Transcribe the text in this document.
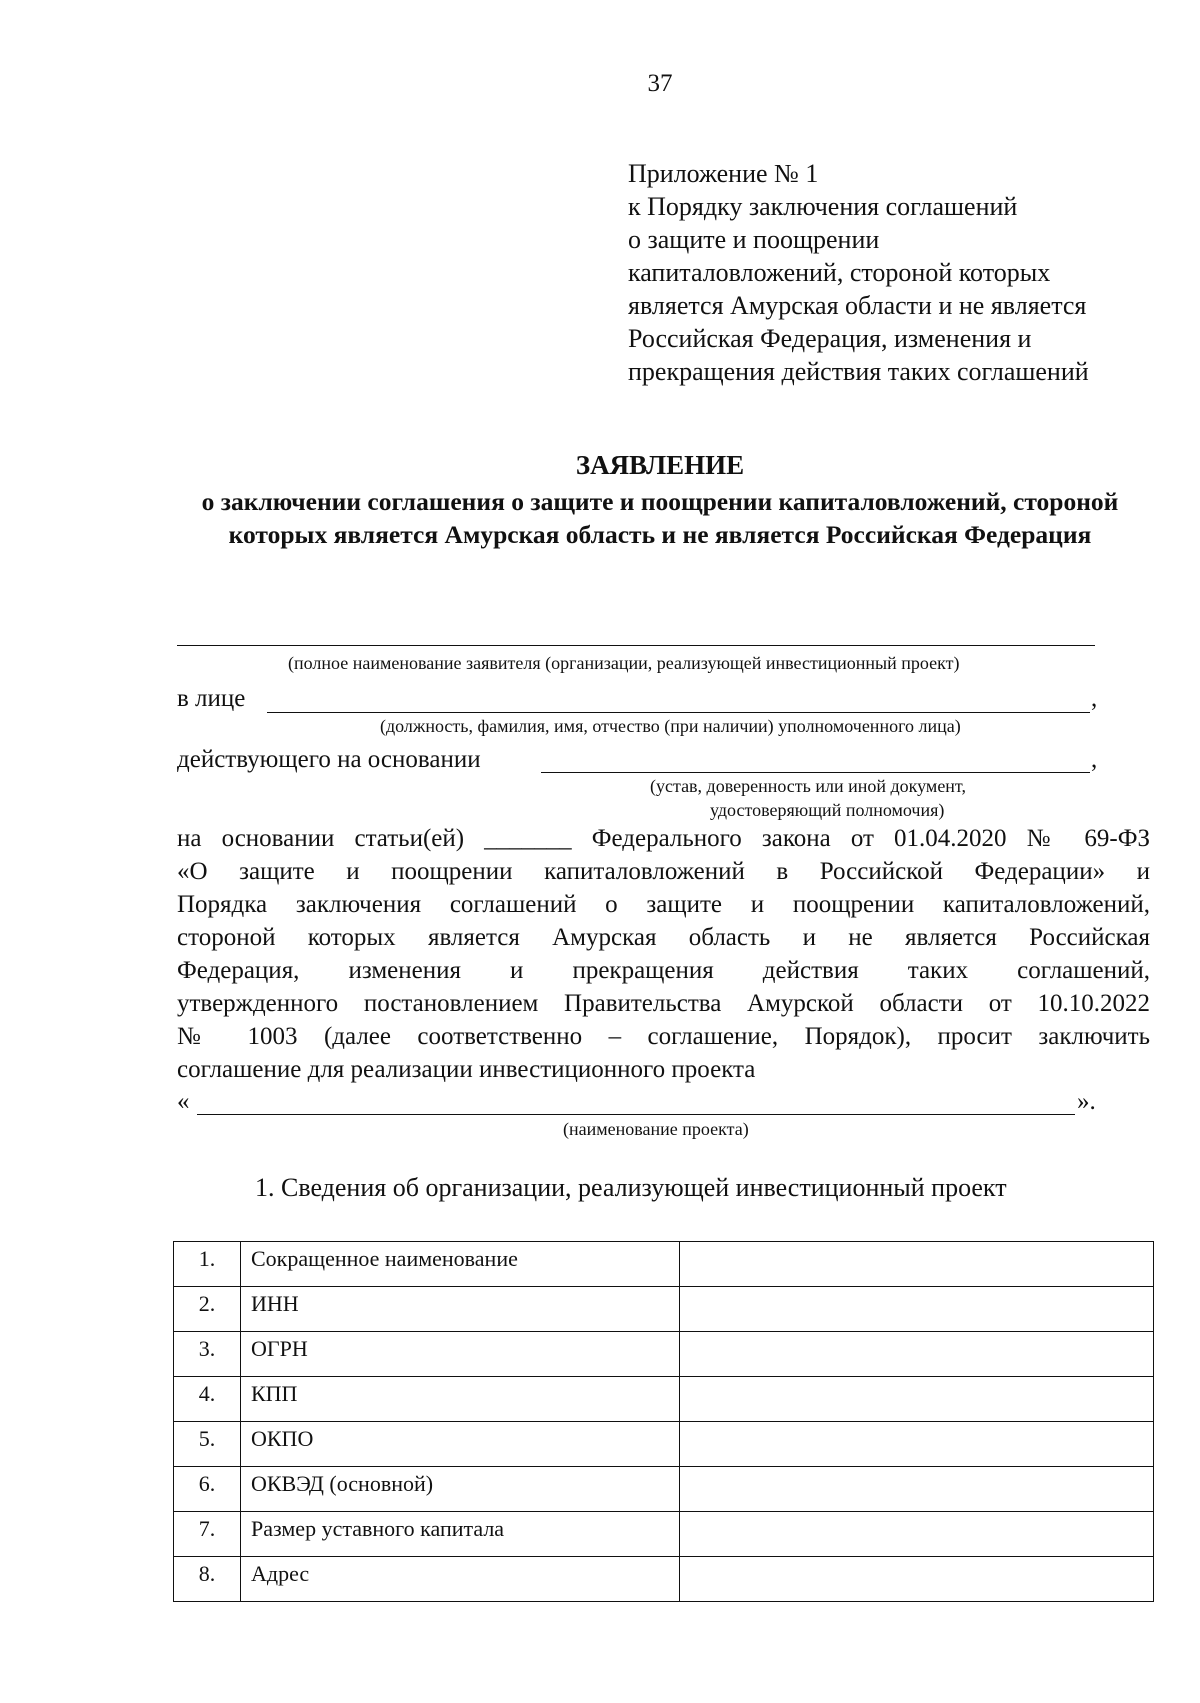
37
Приложение № 1
к Порядку заключения соглашений
о защите и поощрении
капиталовложений, стороной которых
является Амурская области и не является
Российская Федерация, изменения и
прекращения действия таких соглашений
ЗАЯВЛЕНИЕ
о заключении соглашения о защите и поощрении капиталовложений, стороной которых является Амурская область и не является Российская Федерация
(полное наименование заявителя (организации, реализующей инвестиционный проект)
в лице	,
(должность, фамилия, имя, отчество (при наличии) уполномоченного лица)
действующего на основании	,
(устав, доверенность или иной документ,
удостоверяющий полномочия)
на основании статьи(ей) _______ Федерального закона от 01.04.2020 № 69-ФЗ
«О защите и поощрении капиталовложений в Российской Федерации» и
Порядка заключения соглашений о защите и поощрении капиталовложений,
стороной которых является Амурская область и не является Российская
Федерация, изменения и прекращения действия таких соглашений,
утвержденного постановлением Правительства Амурской области от 10.10.2022
№ 1003 (далее соответственно – соглашение, Порядок), просит заключить
соглашение для реализации инвестиционного проекта
«	».
(наименование проекта)
1. Сведения об организации, реализующей инвестиционный проект
1.	Сокращенное наименование	
2.	ИНН	
3.	ОГРН	
4.	КПП	
5.	ОКПО	
6.	ОКВЭД (основной)	
7.	Размер уставного капитала	
8.	Адрес	
